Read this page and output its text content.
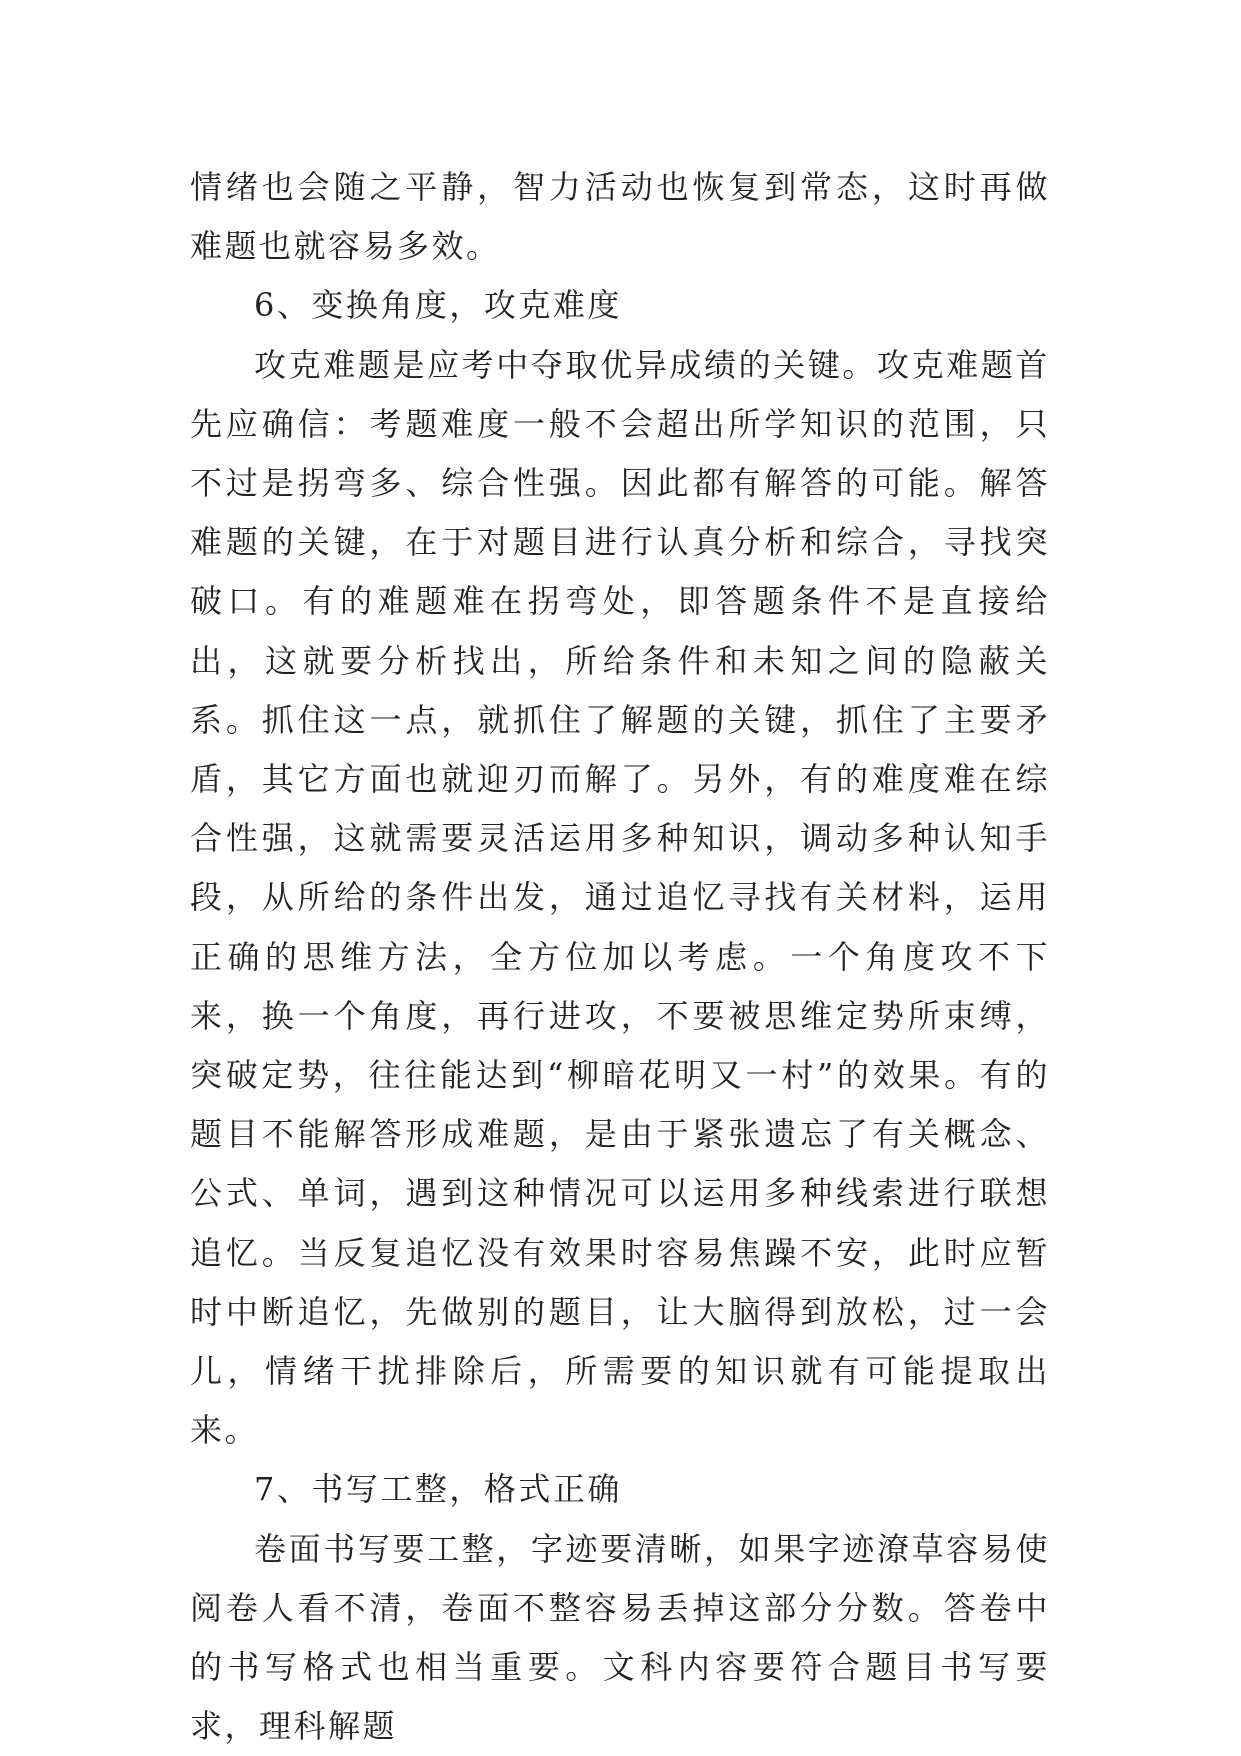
情绪也会随之平静，智力活动也恢复到常态，这时再做难题也就容易多效。

6、变换角度，攻克难度

攻克难题是应考中夺取优异成绩的关键。攻克难题首先应确信：考题难度一般不会超出所学知识的范围，只不过是拐弯多、综合性强。因此都有解答的可能。解答难题的关键，在于对题目进行认真分析和综合，寻找突破口。有的难题难在拐弯处，即答题条件不是直接给出，这就要分析找出，所给条件和未知之间的隐蔽关系。抓住这一点，就抓住了解题的关键，抓住了主要矛盾，其它方面也就迎刃而解了。另外，有的难度难在综合性强，这就需要灵活运用多种知识，调动多种认知手段，从所给的条件出发，通过追忆寻找有关材料，运用正确的思维方法，全方位加以考虑。一个角度攻不下来，换一个角度，再行进攻，不要被思维定势所束缚，突破定势，往往能达到“柳暗花明又一村”的效果。有的题目不能解答形成难题，是由于紧张遗忘了有关概念、公式、单词，遇到这种情况可以运用多种线索进行联想追忆。当反复追忆没有效果时容易焦躁不安，此时应暂时中断追忆，先做别的题目，让大脑得到放松，过一会儿，情绪干扰排除后，所需要的知识就有可能提取出来。

7、书写工整，格式正确

卷面书写要工整，字迹要清晰，如果字迹潦草容易使阅卷人看不清，卷面不整容易丢掉这部分分数。答卷中的书写格式也相当重要。文科内容要符合题目书写要求，理科解题
